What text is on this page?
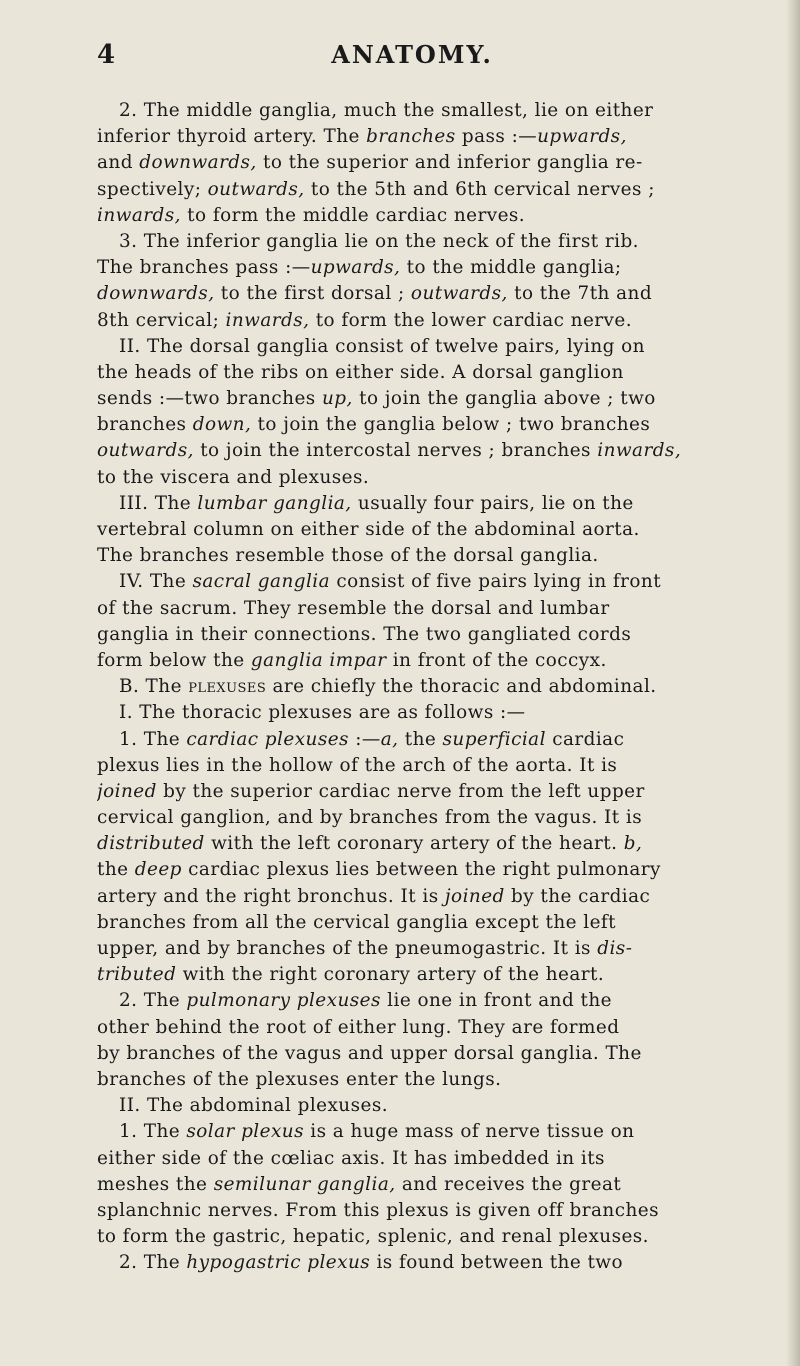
4	ANATOMY.
2. The middle ganglia, much the smallest, lie on either
inferior thyroid artery. The branches pass :—upwards,
and downwards, to the superior and inferior ganglia re-
spectively; outwards, to the 5th and 6th cervical nerves ;
inwards, to form the middle cardiac nerves.
3. The inferior ganglia lie on the neck of the first rib.
The branches pass :—upwards, to the middle ganglia;
downwards, to the first dorsal ; outwards, to the 7th and
8th cervical; inwards, to form the lower cardiac nerve.
II. The dorsal ganglia consist of twelve pairs, lying on
the heads of the ribs on either side. A dorsal ganglion
sends :—two branches up, to join the ganglia above ; two
branches down, to join the ganglia below ; two branches
outwards, to join the intercostal nerves ; branches inwards,
to the viscera and plexuses.
III. The lumbar ganglia, usually four pairs, lie on the
vertebral column on either side of the abdominal aorta.
The branches resemble those of the dorsal ganglia.
IV. The sacral ganglia consist of five pairs lying in front
of the sacrum. They resemble the dorsal and lumbar
ganglia in their connections. The two gangliated cords
form below the ganglia impar in front of the coccyx.
B. The plexuses are chiefly the thoracic and abdominal.
I. The thoracic plexuses are as follows :—
1. The cardiac plexuses :—a, the superficial cardiac
plexus lies in the hollow of the arch of the aorta. It is
joined by the superior cardiac nerve from the left upper
cervical ganglion, and by branches from the vagus. It is
distributed with the left coronary artery of the heart. b,
the deep cardiac plexus lies between the right pulmonary
artery and the right bronchus. It is joined by the cardiac
branches from all the cervical ganglia except the left
upper, and by branches of the pneumogastric. It is dis-
tributed with the right coronary artery of the heart.
2. The pulmonary plexuses lie one in front and the
other behind the root of either lung. They are formed
by branches of the vagus and upper dorsal ganglia. The
branches of the plexuses enter the lungs.
II. The abdominal plexuses.
1. The solar plexus is a huge mass of nerve tissue on
either side of the cœliac axis. It has imbedded in its
meshes the semilunar ganglia, and receives the great
splanchnic nerves. From this plexus is given off branches
to form the gastric, hepatic, splenic, and renal plexuses.
2. The hypogastric plexus is found between the two
